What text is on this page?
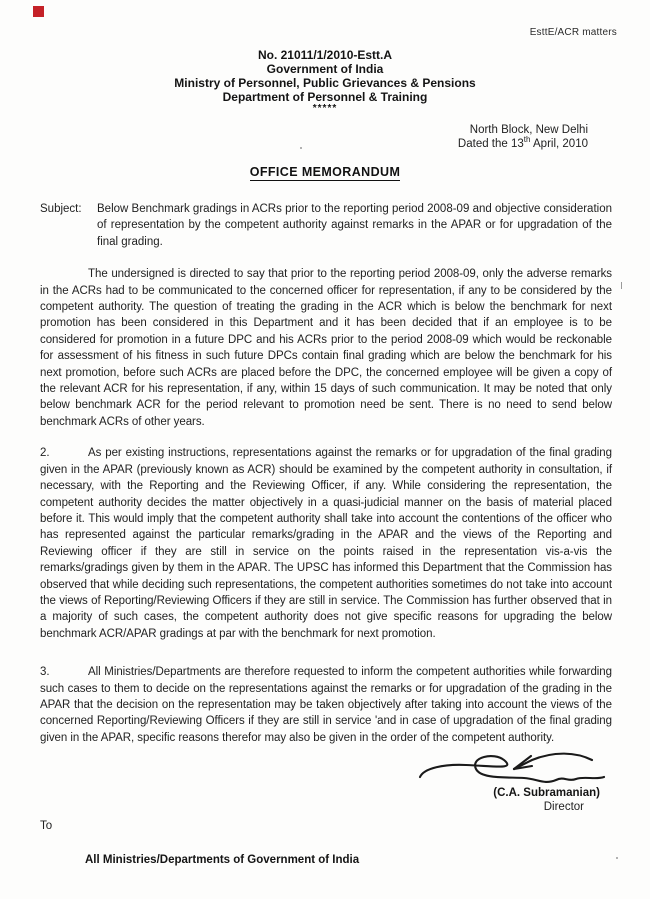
EsttE/ACR matters
No. 21011/1/2010-Estt.A
Government of India
Ministry of Personnel, Public Grievances & Pensions
Department of Personnel & Training
*****
North Block, New Delhi
Dated the 13th April, 2010
OFFICE MEMORANDUM
Subject:	Below Benchmark gradings in ACRs prior to the reporting period 2008-09 and objective consideration of representation by the competent authority against remarks in the APAR or for upgradation of the final grading.
The undersigned is directed to say that prior to the reporting period 2008-09, only the adverse remarks in the ACRs had to be communicated to the concerned officer for representation, if any to be considered by the competent authority. The question of treating the grading in the ACR which is below the benchmark for next promotion has been considered in this Department and it has been decided that if an employee is to be considered for promotion in a future DPC and his ACRs prior to the period 2008-09 which would be reckonable for assessment of his fitness in such future DPCs contain final grading which are below the benchmark for his next promotion, before such ACRs are placed before the DPC, the concerned employee will be given a copy of the relevant ACR for his representation, if any, within 15 days of such communication. It may be noted that only below benchmark ACR for the period relevant to promotion need be sent. There is no need to send below benchmark ACRs of other years.
2.	As per existing instructions, representations against the remarks or for upgradation of the final grading given in the APAR (previously known as ACR) should be examined by the competent authority in consultation, if necessary, with the Reporting and the Reviewing Officer, if any. While considering the representation, the competent authority decides the matter objectively in a quasi-judicial manner on the basis of material placed before it. This would imply that the competent authority shall take into account the contentions of the officer who has represented against the particular remarks/grading in the APAR and the views of the Reporting and Reviewing officer if they are still in service on the points raised in the representation vis-a-vis the remarks/gradings given by them in the APAR. The UPSC has informed this Department that the Commission has observed that while deciding such representations, the competent authorities sometimes do not take into account the views of Reporting/Reviewing Officers if they are still in service. The Commission has further observed that in a majority of such cases, the competent authority does not give specific reasons for upgrading the below benchmark ACR/APAR gradings at par with the benchmark for next promotion.
3.	All Ministries/Departments are therefore requested to inform the competent authorities while forwarding such cases to them to decide on the representations against the remarks or for upgradation of the grading in the APAR that the decision on the representation may be taken objectively after taking into account the views of the concerned Reporting/Reviewing Officers if they are still in service 'and in case of upgradation of the final grading given in the APAR, specific reasons therefor may also be given in the order of the competent authority.
(C.A. Subramanian)
Director
To
All Ministries/Departments of Government of India
